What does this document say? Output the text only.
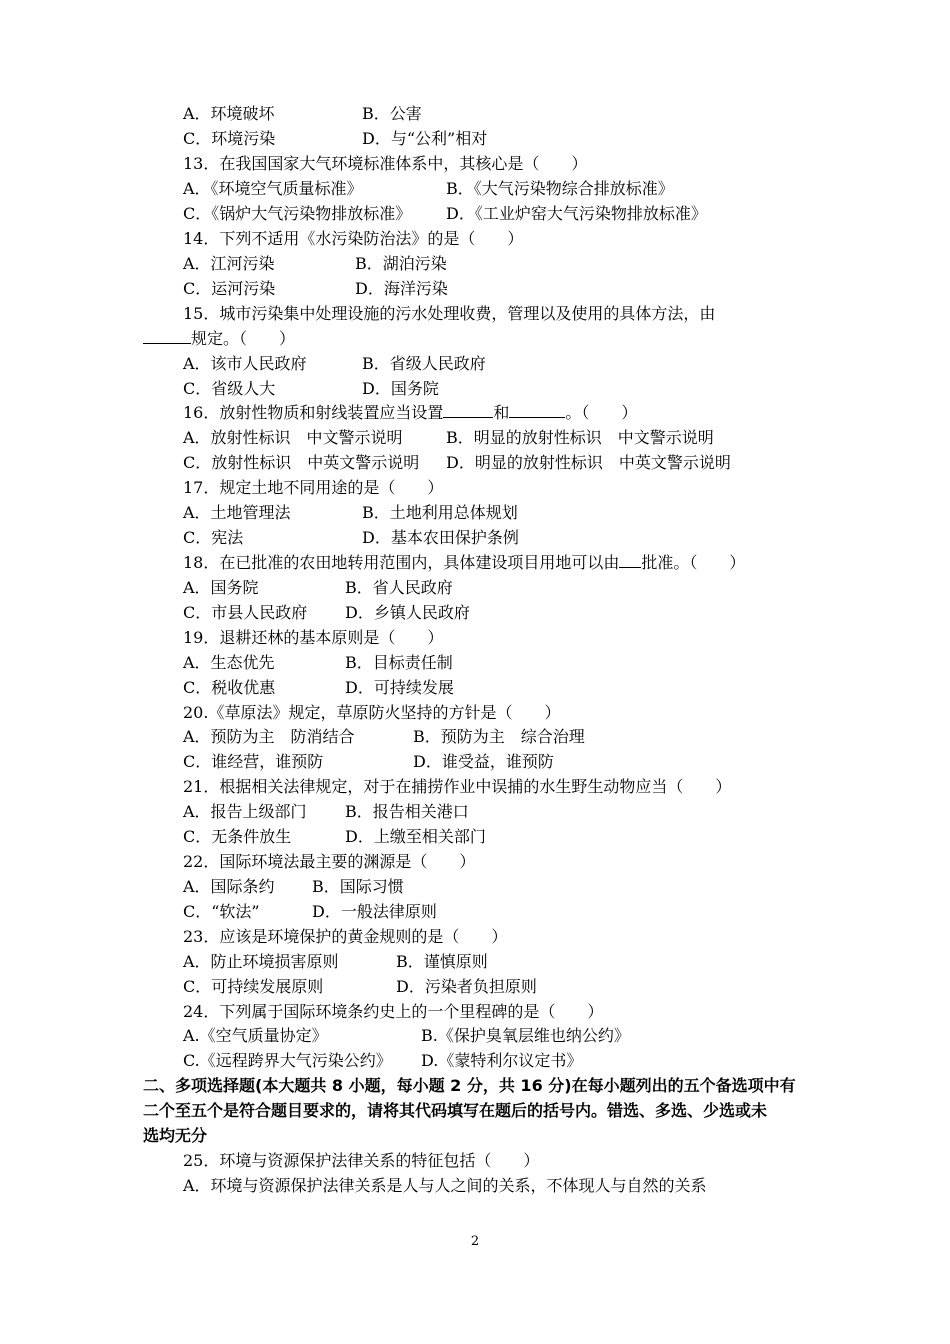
A．环境破坏	B．公害
C．环境污染	D．与“公利”相对
13．在我国国家大气环境标准体系中，其核心是（　　）
A．《环境空气质量标准》	B．《大气污染物综合排放标准》
C．《锅炉大气污染物排放标准》 D．《工业炉窑大气污染物排放标准》
14．下列不适用《水污染防治法》的是（　　）
A．江河污染	B．湖泊污染
C．运河污染	D．海洋污染
15．城市污染集中处理设施的污水处理收费，管理以及使用的具体方法，由
规定。（　　）
A．该市人民政府	B．省级人民政府
C．省级人大	D．国务院
16．放射性物质和射线装置应当设置	和	。（　　）
A．放射性标识　中文警示说明	B．明显的放射性标识　中文警示说明
C．放射性标识　中英文警示说明 D．明显的放射性标识　中英文警示说明
17．规定土地不同用途的是（　　）
A．土地管理法	B．土地利用总体规划
C．宪法	D．基本农田保护条例
18．在已批准的农田地转用范围内，具体建设项目用地可以由 批准。（　　）
A．国务院	B．省人民政府
C．市县人民政府 D．乡镇人民政府
19．退耕还林的基本原则是（　　）
A．生态优先	B．目标责任制
C．税收优惠	D．可持续发展
20.《草原法》规定，草原防火坚持的方针是（　　）
A．预防为主　防消结合	B．预防为主　综合治理
C．谁经营，谁预防	D．谁受益，谁预防
21．根据相关法律规定，对于在捕捞作业中误捕的水生野生动物应当（　　）
A．报告上级部门 B．报告相关港口
C．无条件放生	D．上缴至相关部门
22．国际环境法最主要的渊源是（　　）
A．国际条约 B．国际习惯
C．“软法”	D．一般法律原则
23．应该是环境保护的黄金规则的是（　　）
A．防止环境损害原则	B．谨慎原则
C．可持续发展原则	D．污染者负担原则
24．下列属于国际环境条约史上的一个里程碑的是（　　）
A.《空气质量协定》	B.《保护臭氧层维也纳公约》
C.《远程跨界大气污染公约》 D.《蒙特利尔议定书》
二、多项选择题(本大题共 8 小题，每小题 2 分，共 16 分)在每小题列出的五个备选项中有
二个至五个是符合题目要求的，请将其代码填写在题后的括号内。错选、多选、少选或未
选均无分
25．环境与资源保护法律关系的特征包括（　　）
A．环境与资源保护法律关系是人与人之间的关系，不体现人与自然的关系
2
